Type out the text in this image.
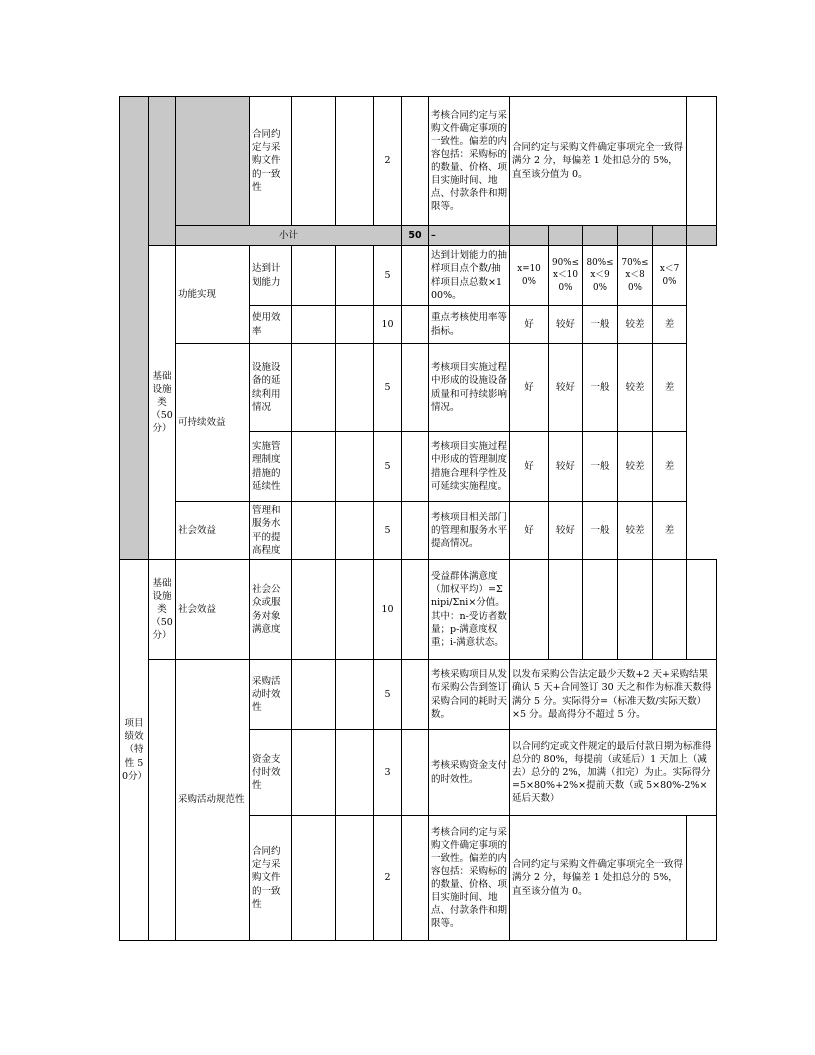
			合同约定与采购文件的一致性			2		考核合同约定与采购文件确定事项的一致性。偏差的内容包括：采购标的的数量、价格、项目实施时间、地点、付款条件和期限等。	合同约定与采购文件确定事项完全一致得满分 2 分，每偏差 1 处扣总分的 5%，直至该分值为 0。						
		小计					50	–							
	基础设施类（50分）	功能实现	达到计划能力			5		达到计划能力的抽样项目点个数/抽样项目点总数×100%。	x=100%	90%≤x＜100%	80%≤x＜90%	70%≤x＜80%	x＜70%		
			使用效率			10		重点考核使用率等指标。	好	较好	一般	较差	差		
		可持续效益	设施设备的延续利用情况			5		考核项目实施过程中形成的设施设备质量和可持续影响情况。	好	较好	一般	较差	差		
			实施管理制度措施的延续性			5		考核项目实施过程中形成的管理制度措施合理科学性及可延续实施程度。	好	较好	一般	较差	差		
		社会效益	管理和服务水平的提高程度			5		考核项目相关部门的管理和服务水平提高情况。	好	较好	一般	较差	差		
项目绩效（特性 50分）	基础设施类（50分）	社会效益	社会公众或服务对象满意度			10		受益群体满意度（加权平均）=Σnipi/Σni×分值。其中：n-受访者数量；p-满意度权重；i-满意状态。						
		采购活动规范性	采购活动时效性			5		考核采购项目从发布采购公告到签订采购合同的耗时天数。	以发布采购公告法定最少天数+2 天+采购结果确认 5 天+合同签订 30 天之和作为标准天数得满分 5 分。实际得分=（标准天数/实际天数）×5 分。最高得分不超过 5 分。					
			资金支付时效性			3		考核采购资金支付的时效性。	以合同约定或文件规定的最后付款日期为标准得总分的 80%，每提前（或延后）1 天加上（减去）总分的 2%，加满（扣完）为止。实际得分=5×80%+2%×提前天数（或 5×80%-2%×延后天数）					
			合同约定与采购文件的一致性			2		考核合同约定与采购文件确定事项的一致性。偏差的内容包括：采购标的的数量、价格、项目实施时间、地点、付款条件和期限等。	合同约定与采购文件确定事项完全一致得满分 2 分，每偏差 1 处扣总分的 5%，直至该分值为 0。					
